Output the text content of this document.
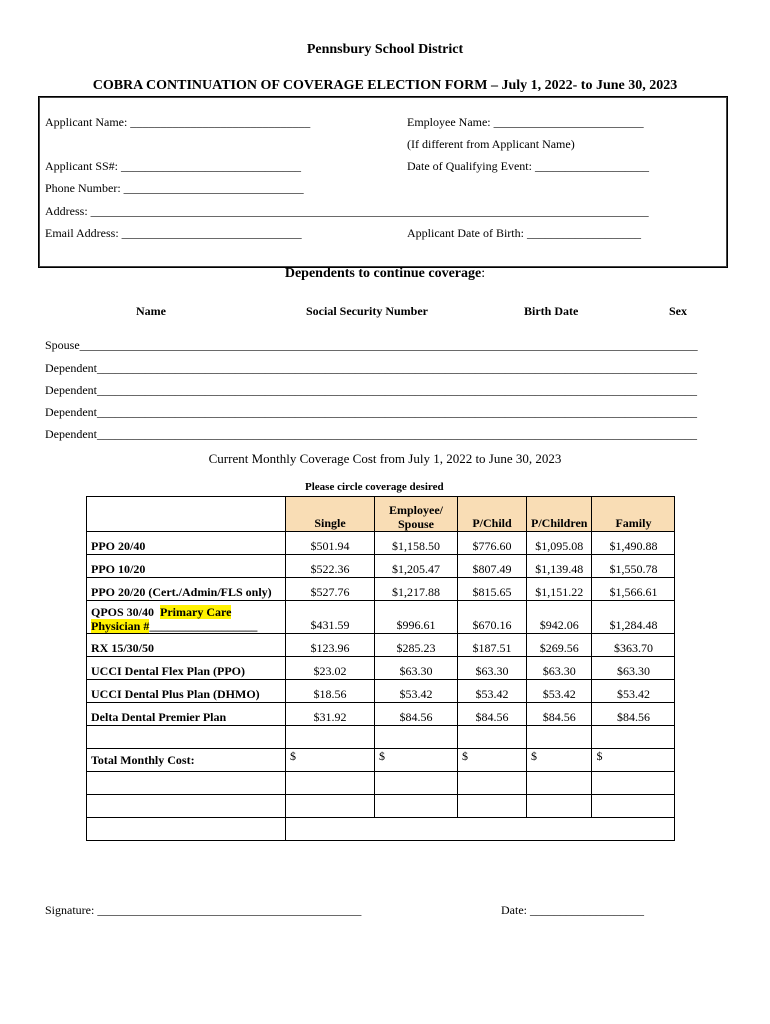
Pennsbury School District
COBRA CONTINUATION OF COVERAGE ELECTION FORM – July 1, 2022- to June 30, 2023
Applicant Name: ______________________________	Employee Name: _________________________
(If different from Applicant Name)
Applicant SS#: ______________________________	Date of Qualifying Event: ___________________
Phone Number: ______________________________
Address: _____________________________________________________________________________________________
Email Address: ______________________________	Applicant Date of Birth: ___________________
Dependents to continue coverage:
Name	Social Security Number	Birth Date	Sex
Spouse_______________________________________________________________________________________________________
Dependent____________________________________________________________________________________________________
Dependent____________________________________________________________________________________________________
Dependent____________________________________________________________________________________________________
Dependent____________________________________________________________________________________________________
Current Monthly Coverage Cost from July 1, 2022 to June 30, 2023
Please circle coverage desired
	Single	Employee/ Spouse	P/Child	P/Children	Family
PPO 20/40	$501.94	$1,158.50	$776.60	$1,095.08	$1,490.88
PPO 10/20	$522.36	$1,205.47	$807.49	$1,139.48	$1,550.78
PPO 20/20 (Cert./Admin/FLS only)	$527.76	$1,217.88	$815.65	$1,151.22	$1,566.61
QPOS 30/40 Primary Care Physician #__________________	$431.59	$996.61	$670.16	$942.06	$1,284.48
RX 15/30/50	$123.96	$285.23	$187.51	$269.56	$363.70
UCCI Dental Flex Plan (PPO)	$23.02	$63.30	$63.30	$63.30	$63.30
UCCI Dental Plus Plan (DHMO)	$18.56	$53.42	$53.42	$53.42	$53.42
Delta Dental Premier Plan	$31.92	$84.56	$84.56	$84.56	$84.56

Total Monthly Cost:	$	$	$	$	$

Signature: ____________________________________________	Date: ___________________
